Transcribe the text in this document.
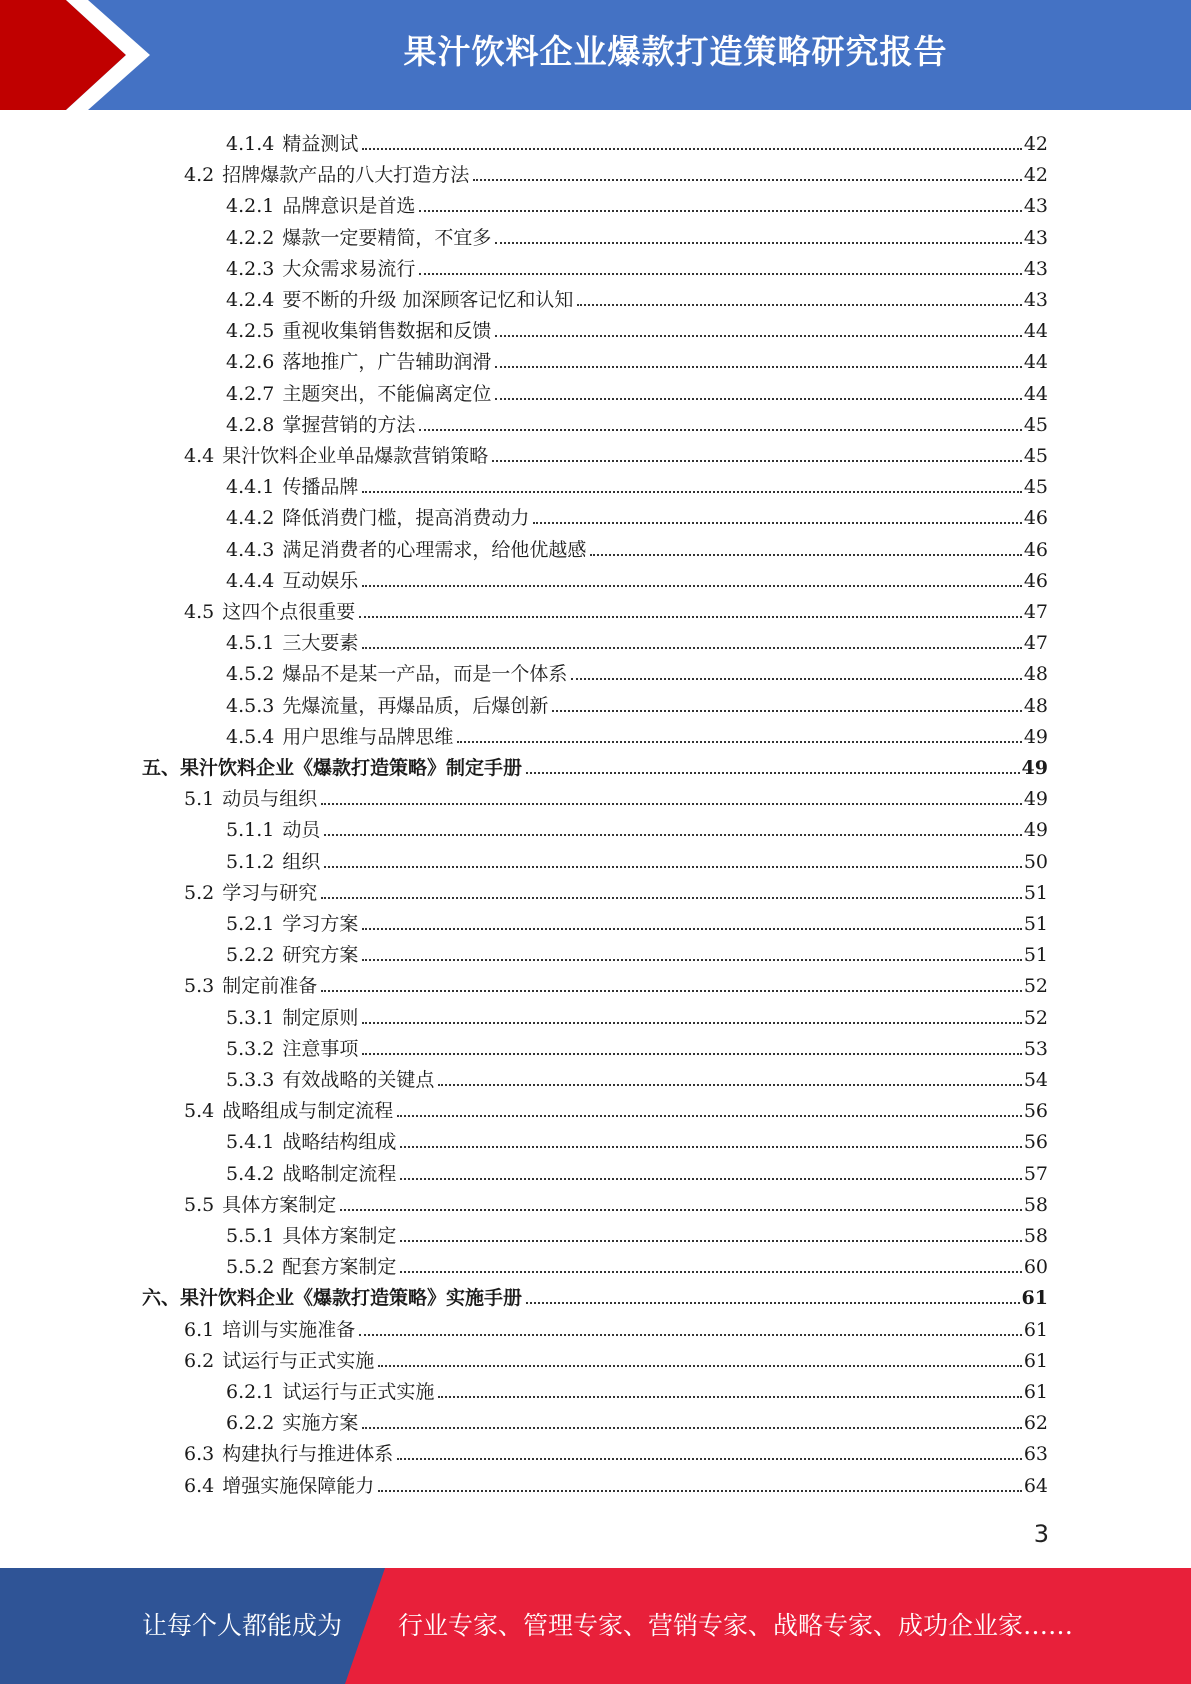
果汁饮料企业爆款打造策略研究报告
4.1.4 精益测试	42
4.2 招牌爆款产品的八大打造方法	42
4.2.1 品牌意识是首选	43
4.2.2 爆款一定要精简，不宜多	43
4.2.3 大众需求易流行	43
4.2.4 要不断的升级 加深顾客记忆和认知	43
4.2.5 重视收集销售数据和反馈	44
4.2.6 落地推广，广告辅助润滑	44
4.2.7 主题突出，不能偏离定位	44
4.2.8 掌握营销的方法	45
4.4 果汁饮料企业单品爆款营销策略	45
4.4.1 传播品牌	45
4.4.2 降低消费门槛，提高消费动力	46
4.4.3 满足消费者的心理需求，给他优越感	46
4.4.4 互动娱乐	46
4.5 这四个点很重要	47
4.5.1 三大要素	47
4.5.2 爆品不是某一产品，而是一个体系	48
4.5.3 先爆流量，再爆品质，后爆创新	48
4.5.4 用户思维与品牌思维	49
五、果汁饮料企业《爆款打造策略》制定手册	49
5.1 动员与组织	49
5.1.1 动员	49
5.1.2 组织	50
5.2 学习与研究	51
5.2.1 学习方案	51
5.2.2 研究方案	51
5.3 制定前准备	52
5.3.1 制定原则	52
5.3.2 注意事项	53
5.3.3 有效战略的关键点	54
5.4 战略组成与制定流程	56
5.4.1 战略结构组成	56
5.4.2 战略制定流程	57
5.5 具体方案制定	58
5.5.1 具体方案制定	58
5.5.2 配套方案制定	60
六、果汁饮料企业《爆款打造策略》实施手册	61
6.1 培训与实施准备	61
6.2 试运行与正式实施	61
6.2.1 试运行与正式实施	61
6.2.2 实施方案	62
6.3 构建执行与推进体系	63
6.4 增强实施保障能力	64
3
让每个人都能成为 行业专家、管理专家、营销专家、战略专家、成功企业家……
